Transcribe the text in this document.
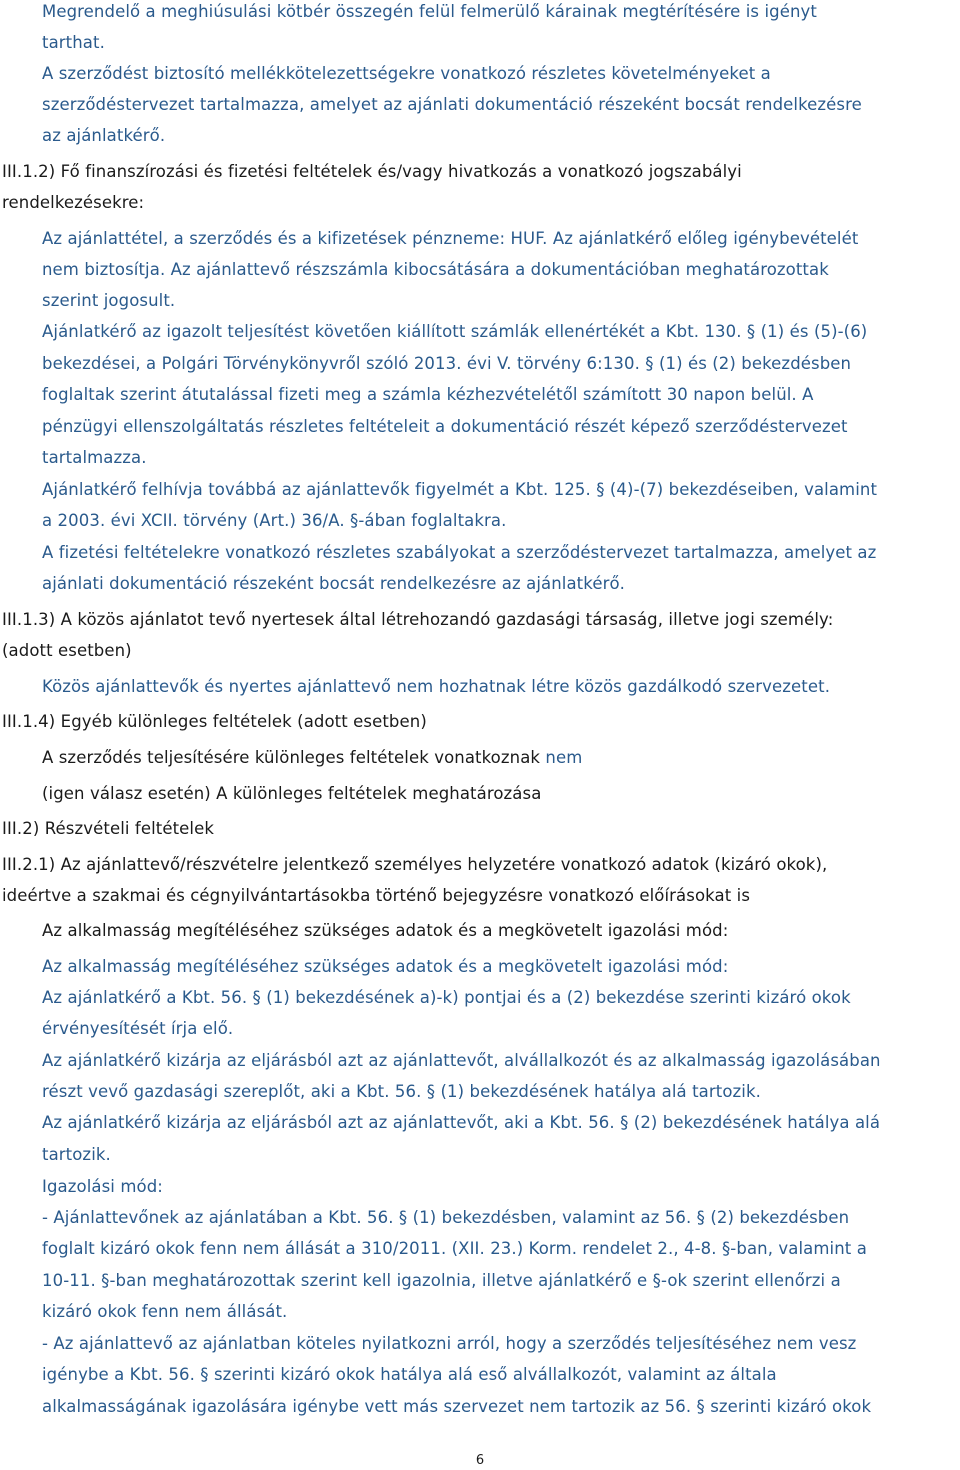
Megrendelő a meghiúsulási kötbér összegén felül felmerülő kárainak megtérítésére is igényt
tarthat.
A szerződést biztosító mellékkötelezettségekre vonatkozó részletes követelményeket a
szerződéstervezet tartalmazza, amelyet az ajánlati dokumentáció részeként bocsát rendelkezésre
az ajánlatkérő.
III.1.2) Fő finanszírozási és fizetési feltételek és/vagy hivatkozás a vonatkozó jogszabályi
rendelkezésekre:
Az ajánlattétel, a szerződés és a kifizetések pénzneme: HUF. Az ajánlatkérő előleg igénybevételét
nem biztosítja. Az ajánlattevő részszámla kibocsátására a dokumentációban meghatározottak
szerint jogosult.
Ajánlatkérő az igazolt teljesítést követően kiállított számlák ellenértékét a Kbt. 130. § (1) és (5)-(6)
bekezdései, a Polgári Törvénykönyvről szóló 2013. évi V. törvény 6:130. § (1) és (2) bekezdésben
foglaltak szerint átutalással fizeti meg a számla kézhezvételétől számított 30 napon belül. A
pénzügyi ellenszolgáltatás részletes feltételeit a dokumentáció részét képező szerződéstervezet
tartalmazza.
Ajánlatkérő felhívja továbbá az ajánlattevők figyelmét a Kbt. 125. § (4)-(7) bekezdéseiben, valamint
a 2003. évi XCII. törvény (Art.) 36/A. §-ában foglaltakra.
A fizetési feltételekre vonatkozó részletes szabályokat a szerződéstervezet tartalmazza, amelyet az
ajánlati dokumentáció részeként bocsát rendelkezésre az ajánlatkérő.
III.1.3) A közös ajánlatot tevő nyertesek által létrehozandó gazdasági társaság, illetve jogi személy:
(adott esetben)
Közös ajánlattevők és nyertes ajánlattevő nem hozhatnak létre közös gazdálkodó szervezetet.
III.1.4) Egyéb különleges feltételek (adott esetben)
A szerződés teljesítésére különleges feltételek vonatkoznak nem
(igen válasz esetén) A különleges feltételek meghatározása
III.2) Részvételi feltételek
III.2.1) Az ajánlattevő/részvételre jelentkező személyes helyzetére vonatkozó adatok (kizáró okok),
ideértve a szakmai és cégnyilvántartásokba történő bejegyzésre vonatkozó előírásokat is
Az alkalmasság megítéléséhez szükséges adatok és a megkövetelt igazolási mód:
Az alkalmasság megítéléséhez szükséges adatok és a megkövetelt igazolási mód:
Az ajánlatkérő a Kbt. 56. § (1) bekezdésének a)-k) pontjai és a (2) bekezdése szerinti kizáró okok
érvényesítését írja elő.
Az ajánlatkérő kizárja az eljárásból azt az ajánlattevőt, alvállalkozót és az alkalmasság igazolásában
részt vevő gazdasági szereplőt, aki a Kbt. 56. § (1) bekezdésének hatálya alá tartozik.
Az ajánlatkérő kizárja az eljárásból azt az ajánlattevőt, aki a Kbt. 56. § (2) bekezdésének hatálya alá
tartozik.
Igazolási mód:
- Ajánlattevőnek az ajánlatában a Kbt. 56. § (1) bekezdésben, valamint az 56. § (2) bekezdésben
foglalt kizáró okok fenn nem állását a 310/2011. (XII. 23.) Korm. rendelet 2., 4-8. §-ban, valamint a
10-11. §-ban meghatározottak szerint kell igazolnia, illetve ajánlatkérő e §-ok szerint ellenőrzi a
kizáró okok fenn nem állását.
- Az ajánlattevő az ajánlatban köteles nyilatkozni arról, hogy a szerződés teljesítéséhez nem vesz
igénybe a Kbt. 56. § szerinti kizáró okok hatálya alá eső alvállalkozót, valamint az általa
alkalmasságának igazolására igénybe vett más szervezet nem tartozik az 56. § szerinti kizáró okok
6
